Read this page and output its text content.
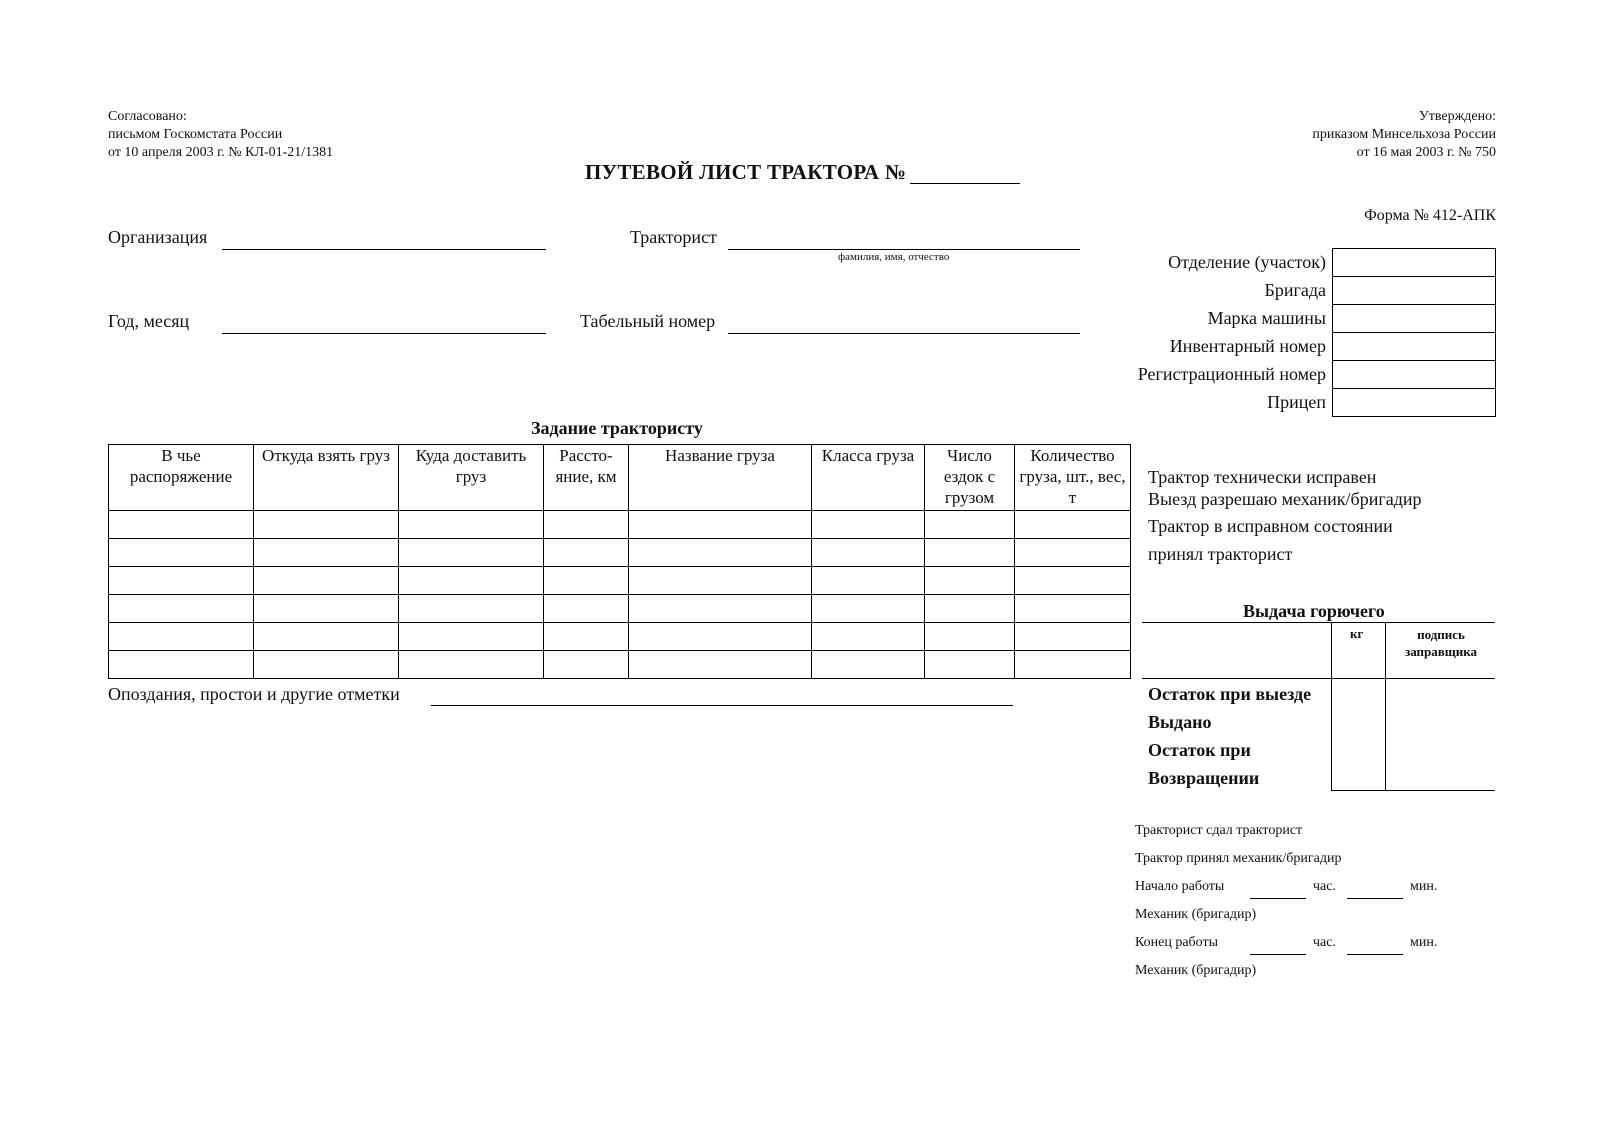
Согласовано:
письмом Госкомстата России
от 10 апреля 2003 г. № КЛ-01-21/1381
Утверждено:
приказом Минсельхоза России
от 16 мая 2003 г. № 750
ПУТЕВОЙ ЛИСТ ТРАКТОРА №
Форма № 412-АПК
Организация	Тракторист
фамилия, имя, отчество
Год, месяц	Табельный номер
Отделение (участок)	
Бригада	
Марка машины	
Инвентарный номер	
Регистрационный номер	
Прицеп	
Задание трактористу
В чье распоряжение	Откуда взять груз	Куда доставить груз	Рассто-яние, км	Название груза	Класса груза	Число ездок с грузом	Количество груза, шт., вес, т

Опоздания, простои и другие отметки
Трактор технически исправен
Выезд разрешаю механик/бригадир
Трактор в исправном состоянии
принял тракторист
Выдача горючего
кг	подпись заправщика
Остаток при выезде
Выдано
Остаток при
Возвращении
Тракторист сдал тракторист
Трактор принял механик/бригадир
Начало работы	час.	мин.
Механик (бригадир)
Конец работы	час.	мин.
Механик (бригадир)
